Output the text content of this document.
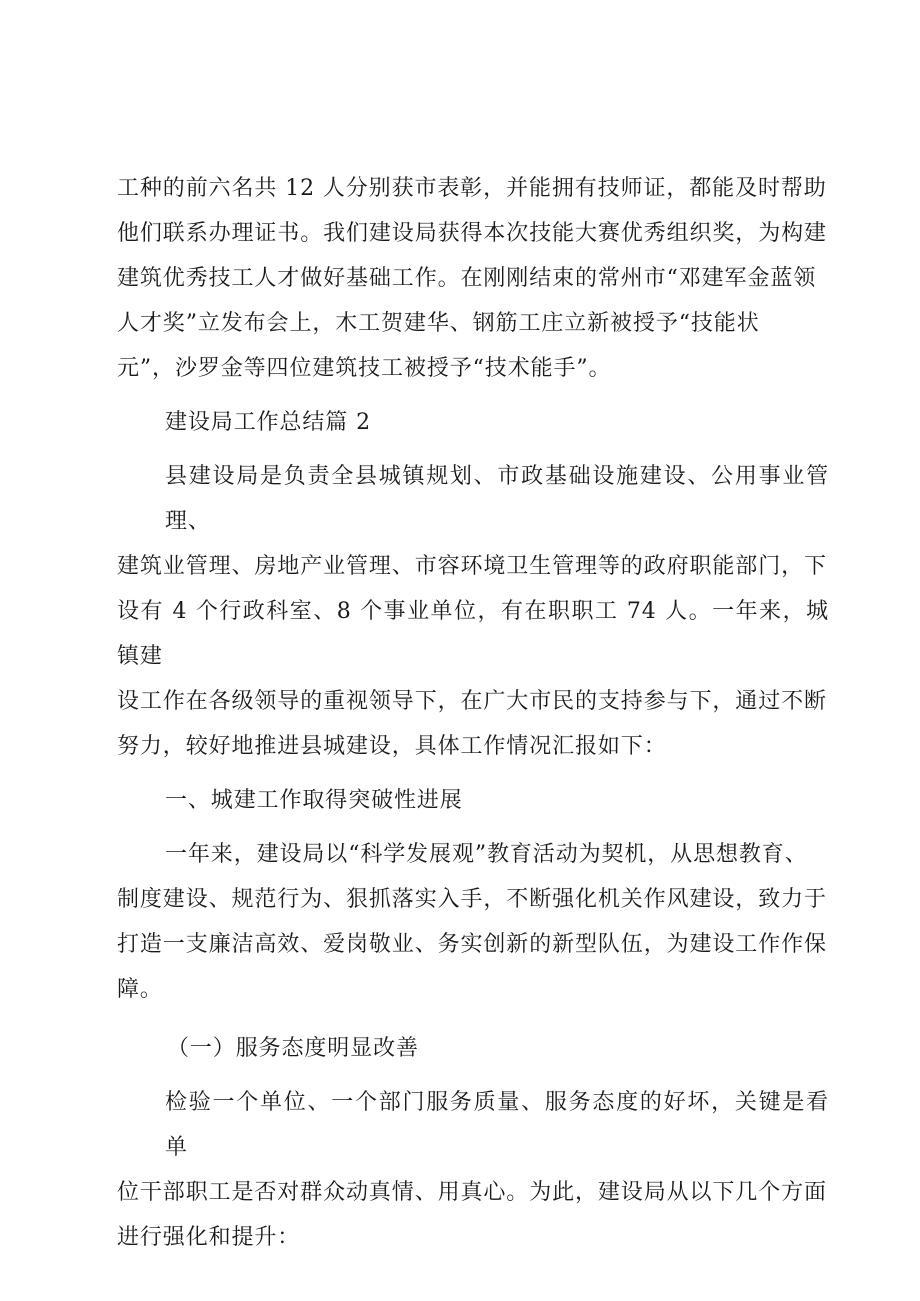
工种的前六名共 12 人分别获市表彰，并能拥有技师证，都能及时帮助
他们联系办理证书。我们建设局获得本次技能大赛优秀组织奖，为构建
建筑优秀技工人才做好基础工作。在刚刚结束的常州市“邓建军金蓝领
人才奖”立发布会上，木工贺建华、钢筋工庄立新被授予“技能状
元”，沙罗金等四位建筑技工被授予“技术能手”。

建设局工作总结篇 2

县建设局是负责全县城镇规划、市政基础设施建设、公用事业管理、
建筑业管理、房地产业管理、市容环境卫生管理等的政府职能部门，下
设有 4 个行政科室、8 个事业单位，有在职职工 74 人。一年来，城镇建
设工作在各级领导的重视领导下，在广大市民的支持参与下，通过不断
努力，较好地推进县城建设，具体工作情况汇报如下：

一、城建工作取得突破性进展

一年来，建设局以“科学发展观”教育活动为契机，从思想教育、
制度建设、规范行为、狠抓落实入手，不断强化机关作风建设，致力于
打造一支廉洁高效、爱岗敬业、务实创新的新型队伍，为建设工作作保
障。

（一）服务态度明显改善

检验一个单位、一个部门服务质量、服务态度的好坏，关键是看单
位干部职工是否对群众动真情、用真心。为此，建设局从以下几个方面
进行强化和提升：
